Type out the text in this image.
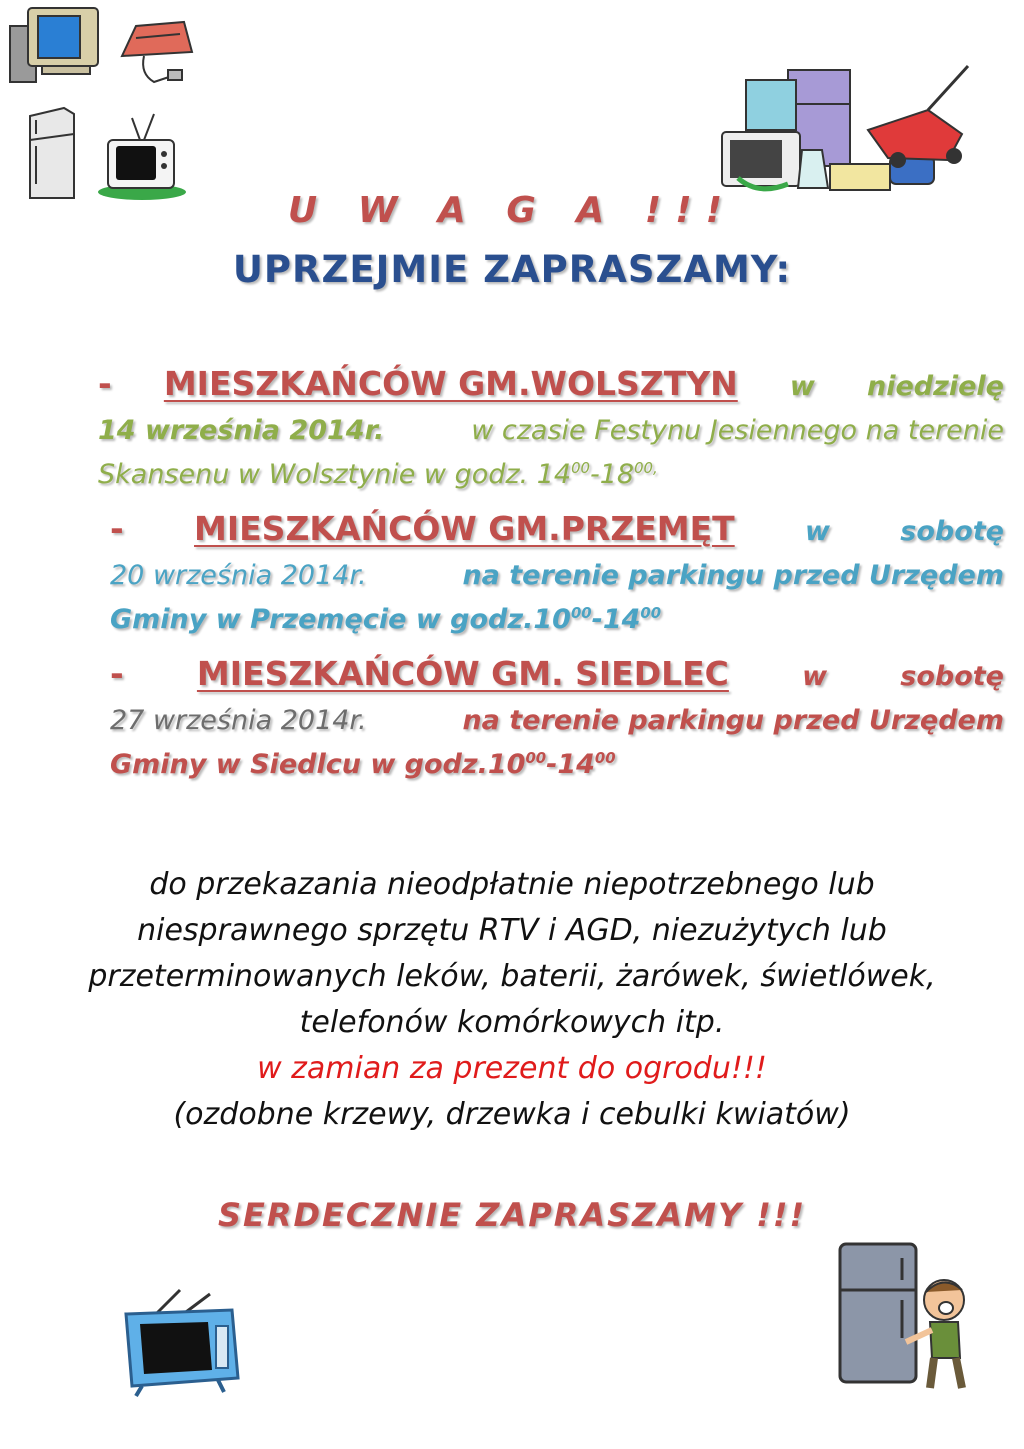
U W A G A !!!
UPRZEJMIE ZAPRASZAMY:
- MIESZKAŃCÓW GM.WOLSZTYN w niedzielę
14 września 2014r.	w czasie Festynu Jesiennego na terenie
Skansenu w Wolsztynie w godz. $14^{00}-18^{00,}$
- MIESZKAŃCÓW GM.PRZEMĘT	w	sobotę
20 września 2014r.	na terenie parkingu przed Urzędem
Gminy w Przemęcie w $godz.10^{00}-14^{00}$
- MIESZKAŃCÓW GM. SIEDLEC	w	sobotę
27 września 2014r.	na terenie parkingu przed Urzędem
Gminy w Siedlcu w $godz.10^{00}-14^{00}$
do przekazania nieodpłatnie niepotrzebnego lub
niesprawnego sprzętu RTV i AGD, niezużytych lub
przeterminowanych leków, baterii, żarówek, świetlówek,
telefonów komórkowych itp.
w zamian za prezent do ogrodu!!!
(ozdobne krzewy, drzewka i cebulki kwiatów)
SERDECZNIE ZAPRASZAMY !!!
